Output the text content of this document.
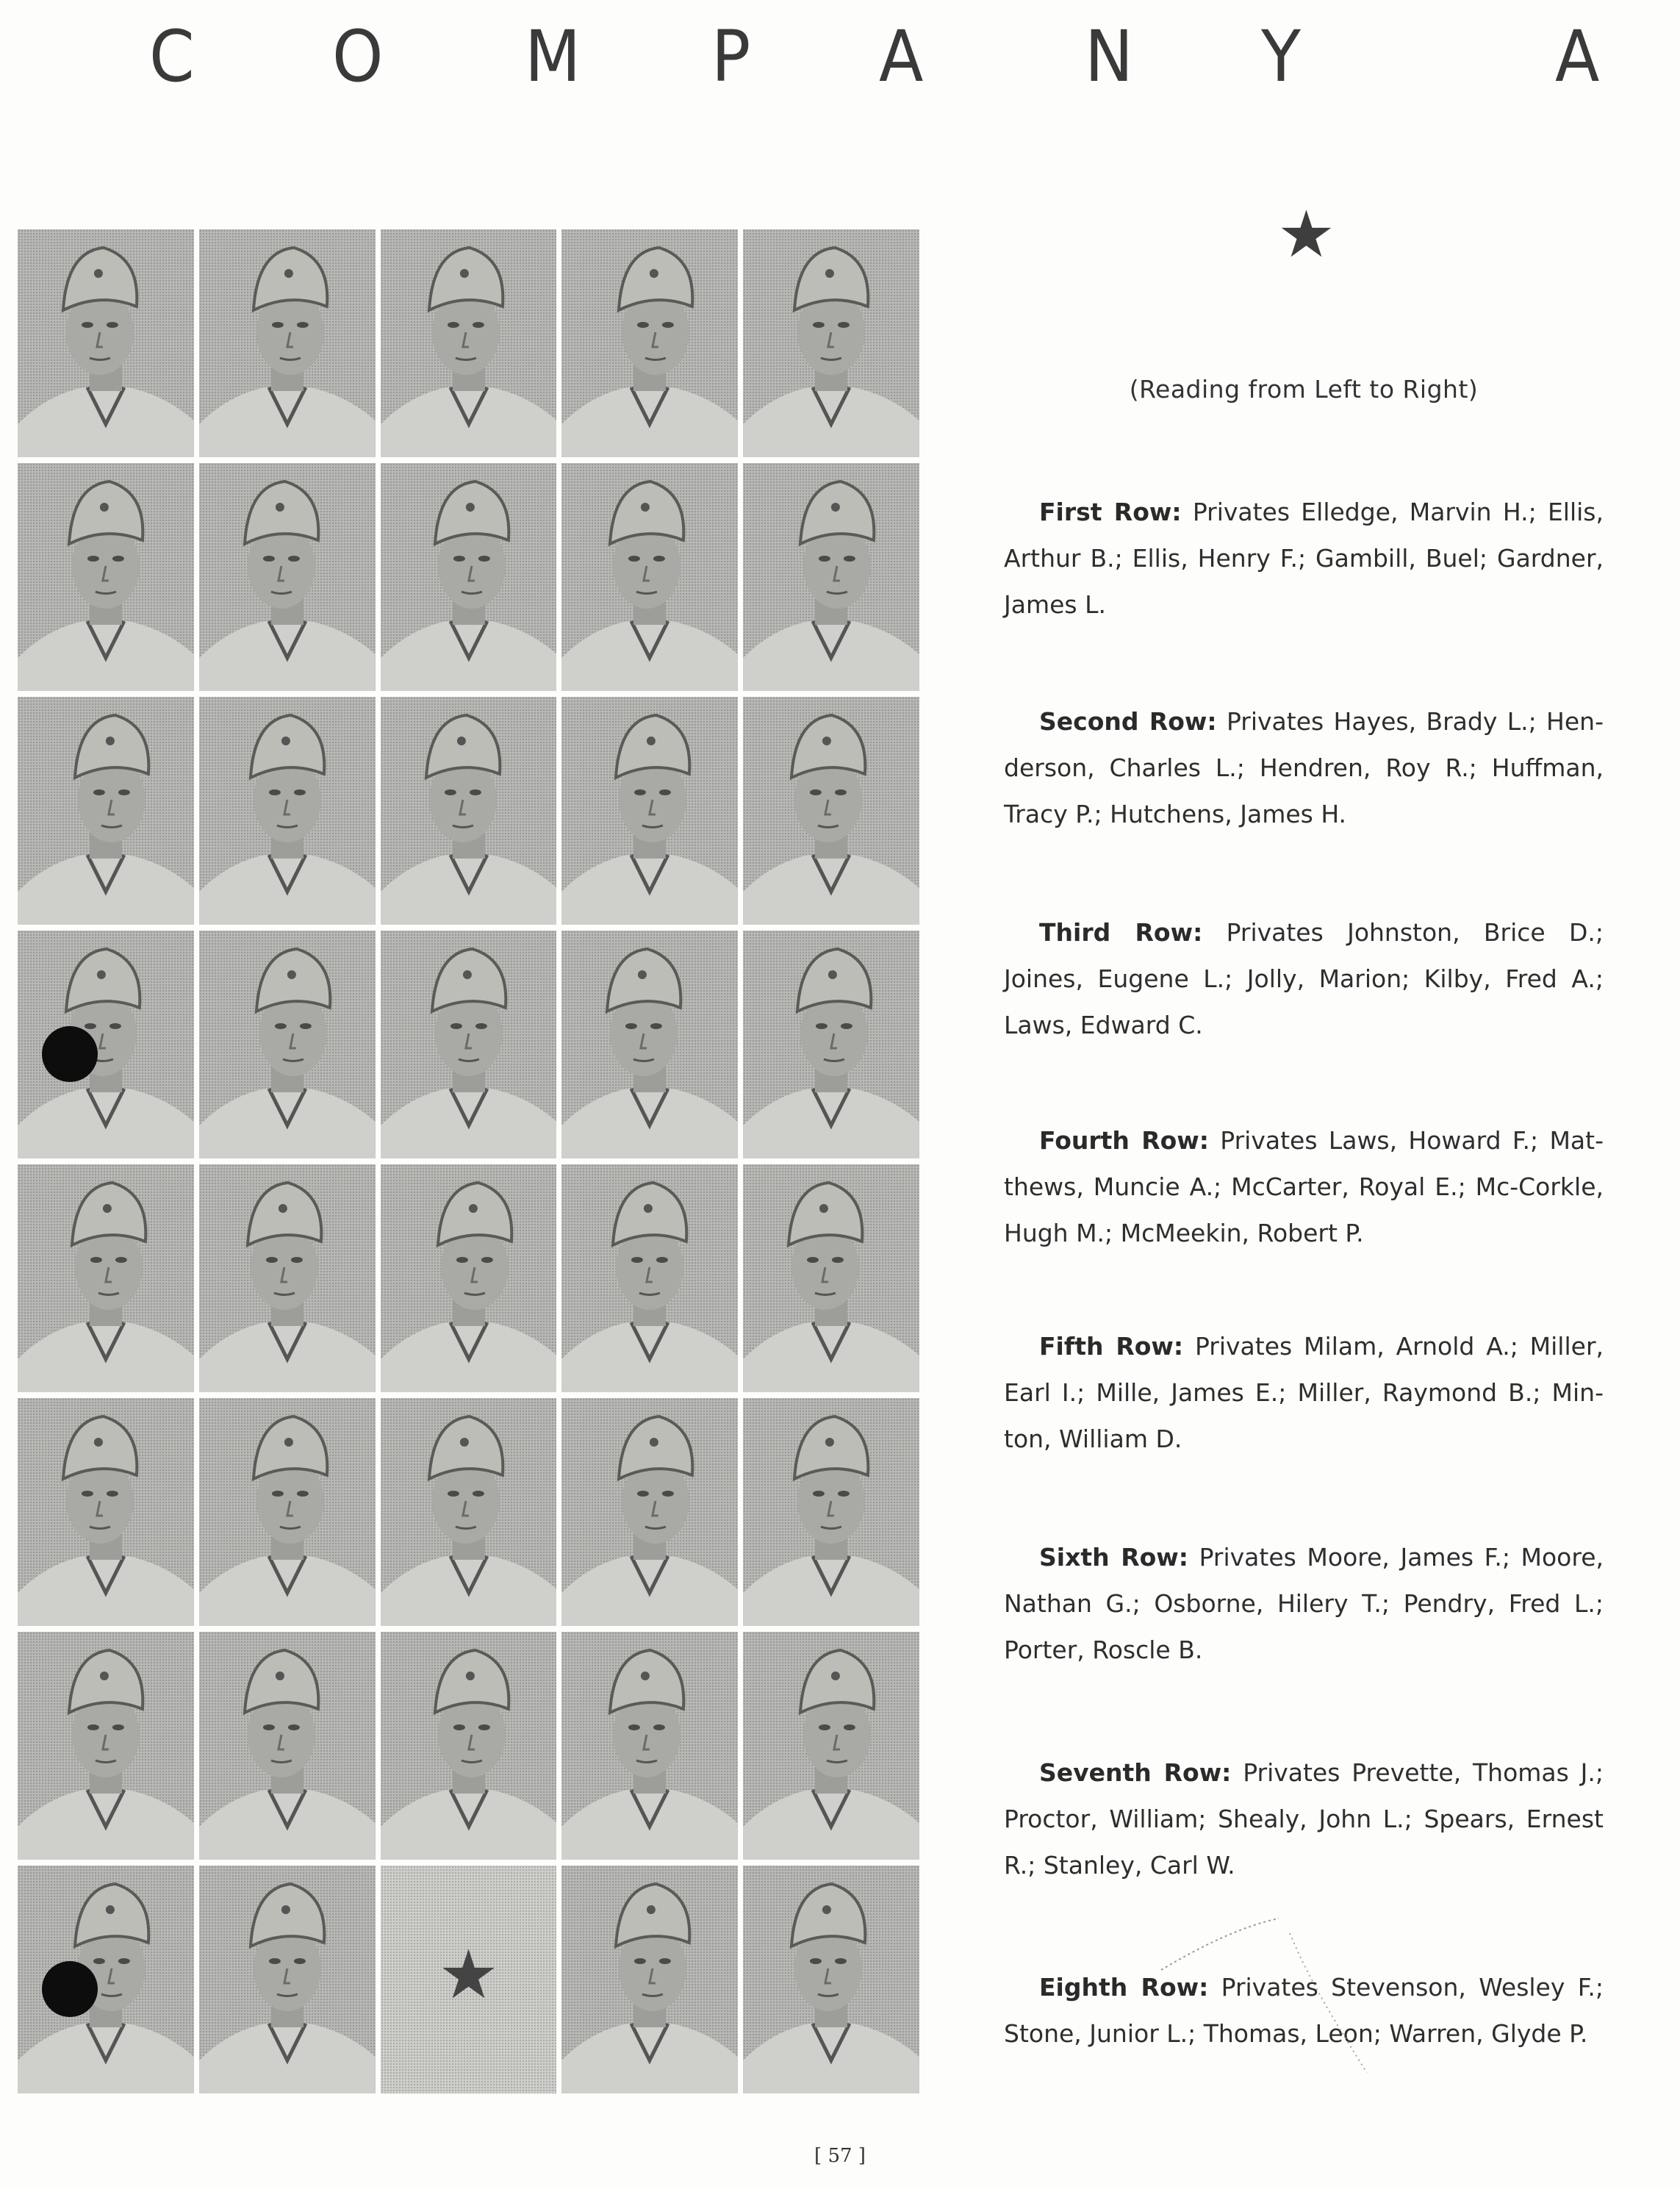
C O M P A N Y	A
★
★
(Reading from Left to Right)

First Row: Privates Elledge, Marvin H.; Ellis, Arthur B.; Ellis, Henry F.; Gambill, Buel; Gardner, James L.

Second Row: Privates Hayes, Brady L.; Hen-derson, Charles L.; Hendren, Roy R.; Huffman, Tracy P.; Hutchens, James H.

Third Row: Privates Johnston, Brice D.; Joines, Eugene L.; Jolly, Marion; Kilby, Fred A.; Laws, Edward C.

Fourth Row: Privates Laws, Howard F.; Mat-thews, Muncie A.; McCarter, Royal E.; Mc-Corkle, Hugh M.; McMeekin, Robert P.

Fifth Row: Privates Milam, Arnold A.; Miller, Earl I.; Mille, James E.; Miller, Raymond B.; Min-ton, William D.

Sixth Row: Privates Moore, James F.; Moore, Nathan G.; Osborne, Hilery T.; Pendry, Fred L.; Porter, Roscle B.

Seventh Row: Privates Prevette, Thomas J.; Proctor, William; Shealy, John L.; Spears, Ernest R.; Stanley, Carl W.

Eighth Row: Privates Stevenson, Wesley F.; Stone, Junior L.; Thomas, Leon; Warren, Glyde P.

[ 57 ]
